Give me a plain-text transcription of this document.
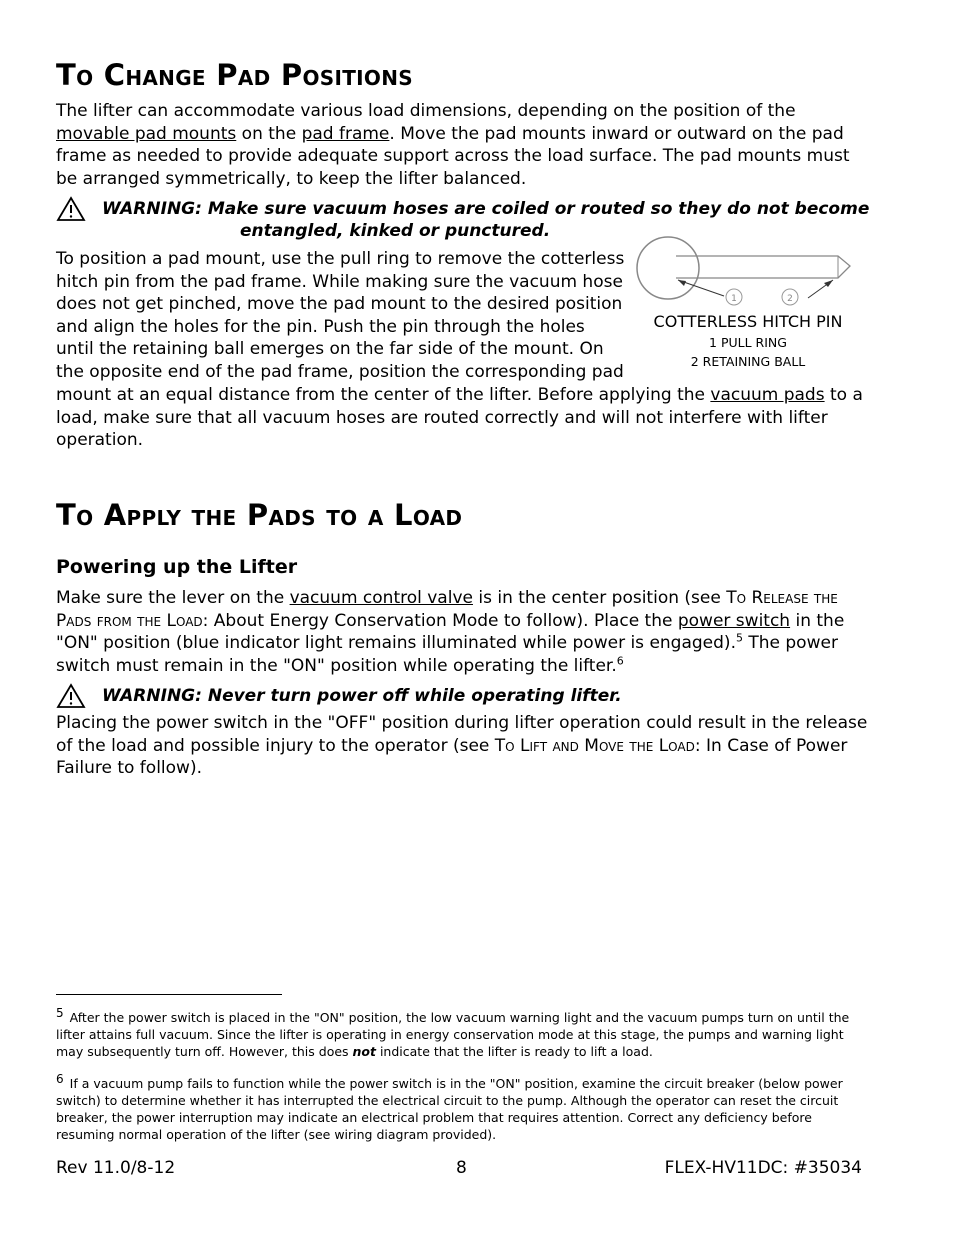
To Change Pad Positions
The lifter can accommodate various load dimensions, depending on the position of the movable pad mounts on the pad frame. Move the pad mounts inward or outward on the pad frame as needed to provide adequate support across the load surface. The pad mounts must be arranged symmetrically, to keep the lifter balanced.
WARNING: Make sure vacuum hoses are coiled or routed so they do not become
entangled, kinked or punctured.
To position a pad mount, use the pull ring to remove the cotterless
hitch pin from the pad frame. While making sure the vacuum hose
does not get pinched, move the pad mount to the desired position
and align the holes for the pin. Push the pin through the holes
until the retaining ball emerges on the far side of the mount. On
the opposite end of the pad frame, position the corresponding pad
mount at an equal distance from the center of the lifter. Before applying the vacuum pads to a load, make sure that all vacuum hoses are routed correctly and will not interfere with lifter operation.
1	2
COTTERLESS HITCH PIN
1 PULL RING
2 RETAINING BALL
To Apply the Pads to a Load
Powering up the Lifter
Make sure the lever on the vacuum control valve is in the center position (see To Release the Pads from the Load: About Energy Conservation Mode to follow). Place the power switch in the "ON" position (blue indicator light remains illuminated while power is engaged).$^5$ The power switch must remain in the "ON" position while operating the lifter.$^6$
WARNING: Never turn power off while operating lifter.
Placing the power switch in the "OFF" position during lifter operation could result in the release of the load and possible injury to the operator (see To Lift and Move the Load: In Case of Power Failure to follow).
5 After the power switch is placed in the "ON" position, the low vacuum warning light and the vacuum pumps turn on until the lifter attains full vacuum. Since the lifter is operating in energy conservation mode at this stage, the pumps and warning light may subsequently turn off. However, this does not indicate that the lifter is ready to lift a load.
6 If a vacuum pump fails to function while the power switch is in the "ON" position, examine the circuit breaker (below power switch) to determine whether it has interrupted the electrical circuit to the pump. Although the operator can reset the circuit breaker, the power interruption may indicate an electrical problem that requires attention. Correct any deficiency before resuming normal operation of the lifter (see wiring diagram provided).
Rev 11.0/8-12	8	FLEX-HV11DC: #35034
